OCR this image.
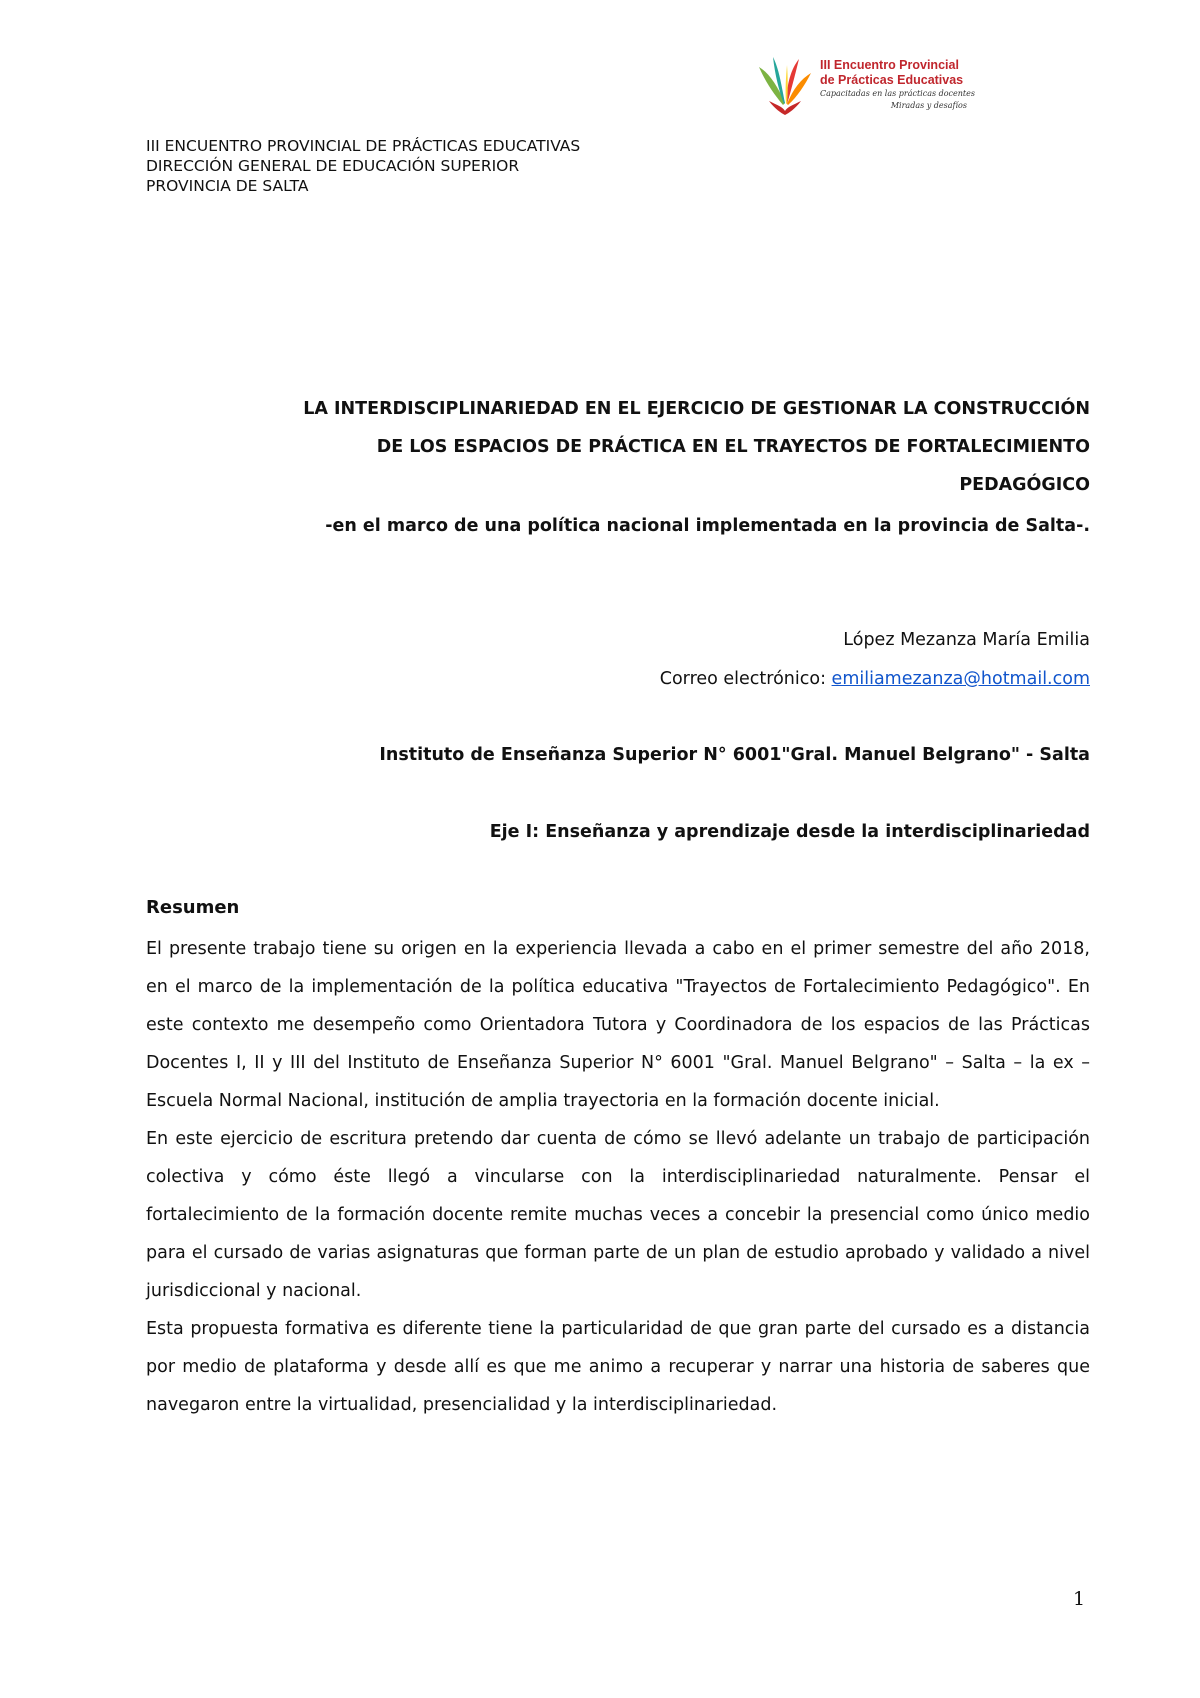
III Encuentro Provincial
de Prácticas Educativas
Capacitadas en las prácticas docentes
Miradas y desafíos
III ENCUENTRO PROVINCIAL DE PRÁCTICAS EDUCATIVAS
DIRECCIÓN GENERAL DE EDUCACIÓN SUPERIOR
PROVINCIA DE SALTA
LA INTERDISCIPLINARIEDAD EN EL EJERCICIO DE GESTIONAR LA CONSTRUCCIÓN
DE LOS ESPACIOS DE PRÁCTICA EN EL TRAYECTOS DE FORTALECIMIENTO
PEDAGÓGICO
-en el marco de una política nacional implementada en la provincia de Salta-.
López Mezanza María Emilia
Correo electrónico: emiliamezanza@hotmail.com
Instituto de Enseñanza Superior N° 6001"Gral. Manuel Belgrano" - Salta
Eje I: Enseñanza y aprendizaje desde la interdisciplinariedad
Resumen

El presente trabajo tiene su origen en la experiencia llevada a cabo en el primer semestre del año 2018, en el marco de la implementación de la política educativa "Trayectos de Fortalecimiento Pedagógico". En este contexto me desempeño como Orientadora Tutora y Coordinadora de los espacios de las Prácticas Docentes I, II y III del Instituto de Enseñanza Superior N° 6001 "Gral. Manuel Belgrano" – Salta – la ex – Escuela Normal Nacional, institución de amplia trayectoria en la formación docente inicial.

En este ejercicio de escritura pretendo dar cuenta de cómo se llevó adelante un trabajo de participación colectiva y cómo éste llegó a vincularse con la interdisciplinariedad naturalmente. Pensar el fortalecimiento de la formación docente remite muchas veces a concebir la presencial como único medio para el cursado de varias asignaturas que forman parte de un plan de estudio aprobado y validado a nivel jurisdiccional y nacional.

Esta propuesta formativa es diferente tiene la particularidad de que gran parte del cursado es a distancia por medio de plataforma y desde allí es que me animo a recuperar y narrar una historia de saberes que navegaron entre la virtualidad, presencialidad y la interdisciplinariedad.

1
